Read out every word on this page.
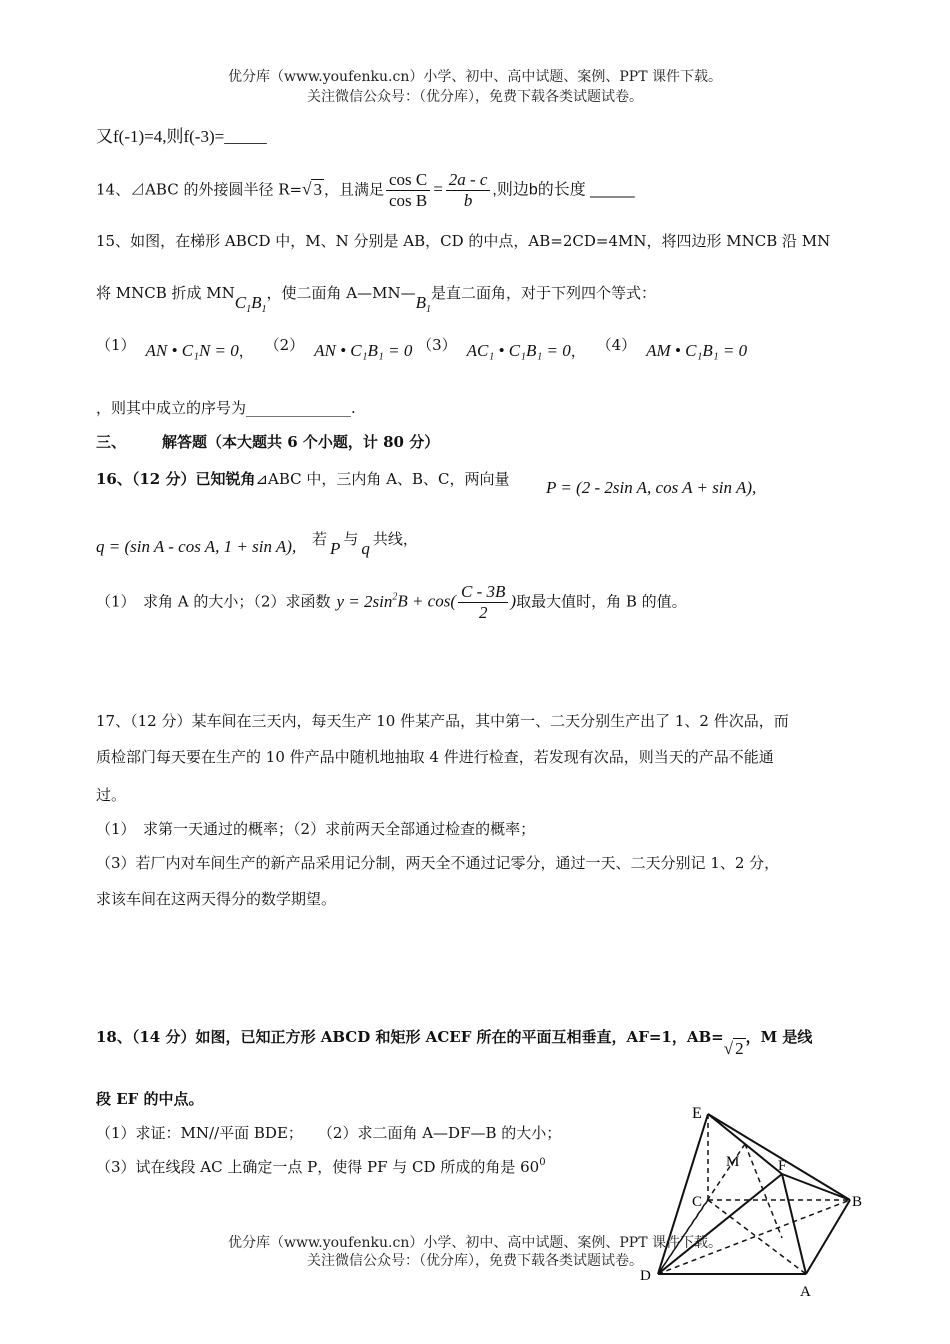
优分库（www.youfenku.cn）小学、初中、高中试题、案例、PPT 课件下载。
关注微信公众号：（优分库），免费下载各类试题试卷。
又f(-1)=4,则f(-3)=_____
14、⊿ABC 的外接圆半径 R=√ 3 ，且满足 $\frac{\text{cos C}}{\text{cos B}} = \frac{2a - c}{b}$ ,则边b的长度 _____
15、如图，在梯形 ABCD 中，M、N 分别是 AB，CD 的中点，AB=2CD=4MN，将四边形 MNCB 沿 MN
将 MNCB 折成 $MNC_1B_1$，使二面角 $A—MN—B_1$是直二面角，对于下列四个等式：
（1） AN • C₁N = 0， （2） AN • C₁B₁ = 0 （3） AC₁ • C₁B₁ = 0， （4） AM • C₁B₁ = 0
，则其中成立的序号为______________.
三、 解答题（本大题共 6 个小题，计 80 分）
16、（12 分）已知锐角⊿ABC 中，三内角 A、B、C，两向量 P = (2 - 2sin A, cos A + sin A),
q = (sin A - cos A, 1 + sin A), 若 P 与 q 共线，
（1）　求角 A 的大小；（2）求函数 $y = 2\sin^2B + \cos( \frac{C - 3B}{2}$ )取最大值时，角 B 的值。
17、（12 分）某车间在三天内，每天生产 10 件某产品，其中第一、二天分别生产出了 1、2 件次品，而
质检部门每天要在生产的 10 件产品中随机地抽取 4 件进行检查，若发现有次品，则当天的产品不能通
过。
（1）　求第一天通过的概率；（2）求前两天全部通过检查的概率；
（3）若厂内对车间生产的新产品采用记分制，两天全不通过记零分，通过一天、二天分别记 1、2 分，
求该车间在这两天得分的数学期望。
18、（14 分）如图，已知正方形 ABCD 和矩形 ACEF 所在的平面互相垂直，AF=1，AB=√ 2，M 是线
段 EF 的中点。
（1）求证：MN//平面 BDE；　　（2）求二面角 A—DF—B 的大小；
（3）试在线段 AC 上确定一点 P，使得 PF 与 CD 所成的角是 $60^0$
E
M	F
C	B
D
A
优分库（www.youfenku.cn）小学、初中、高中试题、案例、PPT 课件下载。
关注微信公众号：（优分库），免费下载各类试题试卷。
